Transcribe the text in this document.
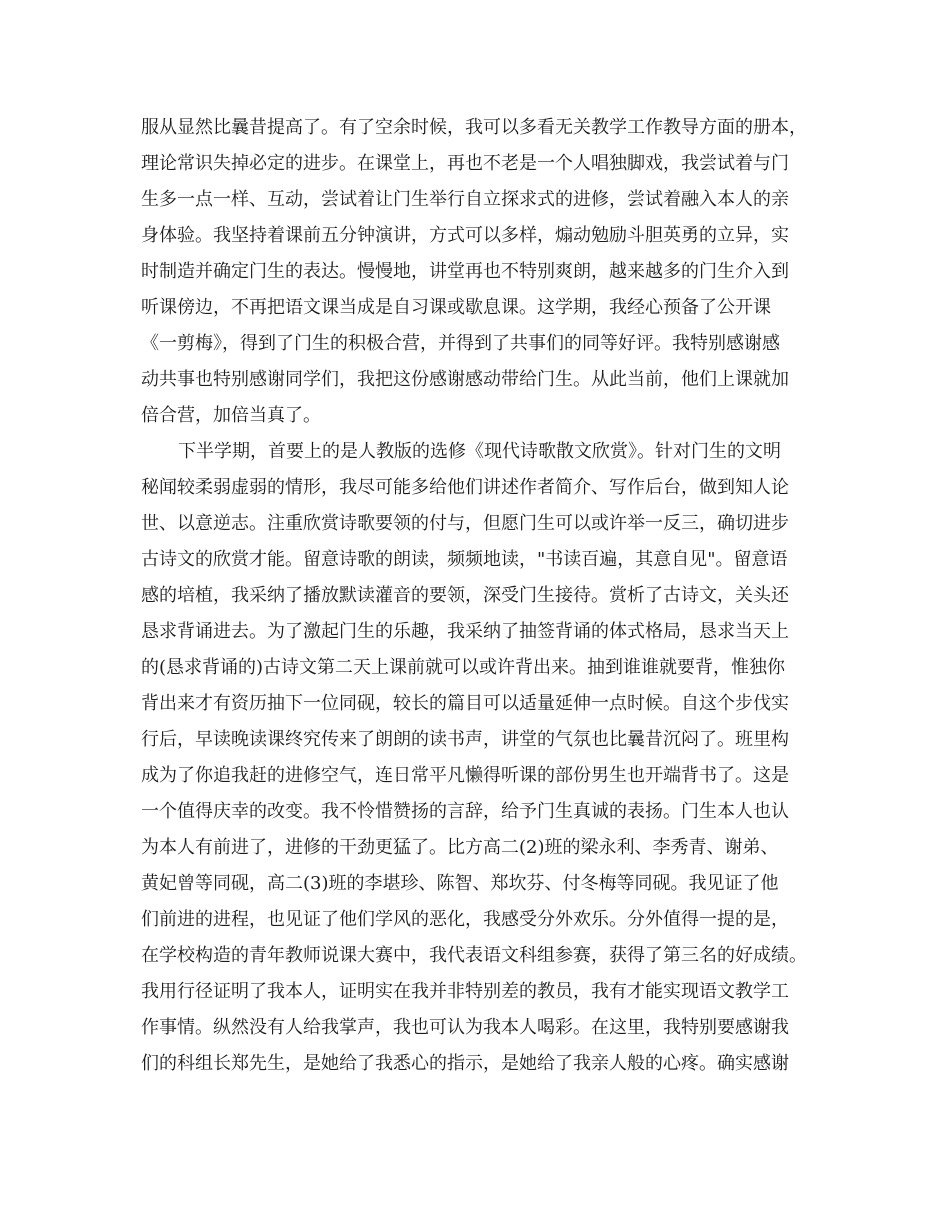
服从显然比曩昔提高了。有了空余时候，我可以多看无关教学工作教导方面的册本，
理论常识失掉必定的进步。在课堂上，再也不老是一个人唱独脚戏，我尝试着与门
生多一点一样、互动，尝试着让门生举行自立探求式的进修，尝试着融入本人的亲
身体验。我坚持着课前五分钟演讲，方式可以多样，煽动勉励斗胆英勇的立异，实
时制造并确定门生的表达。慢慢地，讲堂再也不特别爽朗，越来越多的门生介入到
听课傍边，不再把语文课当成是自习课或歇息课。这学期，我经心预备了公开课
《一剪梅》，得到了门生的积极合营，并得到了共事们的同等好评。我特别感谢感
动共事也特别感谢同学们，我把这份感谢感动带给门生。从此当前，他们上课就加
倍合营，加倍当真了。
下半学期，首要上的是人教版的选修《现代诗歌散文欣赏》。针对门生的文明
秘闻较柔弱虚弱的情形，我尽可能多给他们讲述作者简介、写作后台，做到知人论
世、以意逆志。注重欣赏诗歌要领的付与，但愿门生可以或许举一反三，确切进步
古诗文的欣赏才能。留意诗歌的朗读，频频地读，"书读百遍，其意自见"。留意语
感的培植，我采纳了播放默读灌音的要领，深受门生接待。赏析了古诗文，关头还
恳求背诵进去。为了激起门生的乐趣，我采纳了抽签背诵的体式格局，恳求当天上
的(恳求背诵的)古诗文第二天上课前就可以或许背出来。抽到谁谁就要背，惟独你
背出来才有资历抽下一位同砚，较长的篇目可以适量延伸一点时候。自这个步伐实
行后，早读晚读课终究传来了朗朗的读书声，讲堂的气氛也比曩昔沉闷了。班里构
成为了你追我赶的进修空气，连日常平凡懒得听课的部份男生也开端背书了。这是
一个值得庆幸的改变。我不怜惜赞扬的言辞，给予门生真诚的表扬。门生本人也认
为本人有前进了，进修的干劲更猛了。比方高二(2)班的梁永利、李秀青、谢弟、
黄妃曾等同砚，高二(3)班的李堪珍、陈智、郑坎芬、付冬梅等同砚。我见证了他
们前进的进程，也见证了他们学风的恶化，我感受分外欢乐。分外值得一提的是，
在学校构造的青年教师说课大赛中，我代表语文科组参赛，获得了第三名的好成绩。
我用行径证明了我本人，证明实在我并非特别差的教员，我有才能实现语文教学工
作事情。纵然没有人给我掌声，我也可认为我本人喝彩。在这里，我特别要感谢我
们的科组长郑先生，是她给了我悉心的指示，是她给了我亲人般的心疼。确实感谢
